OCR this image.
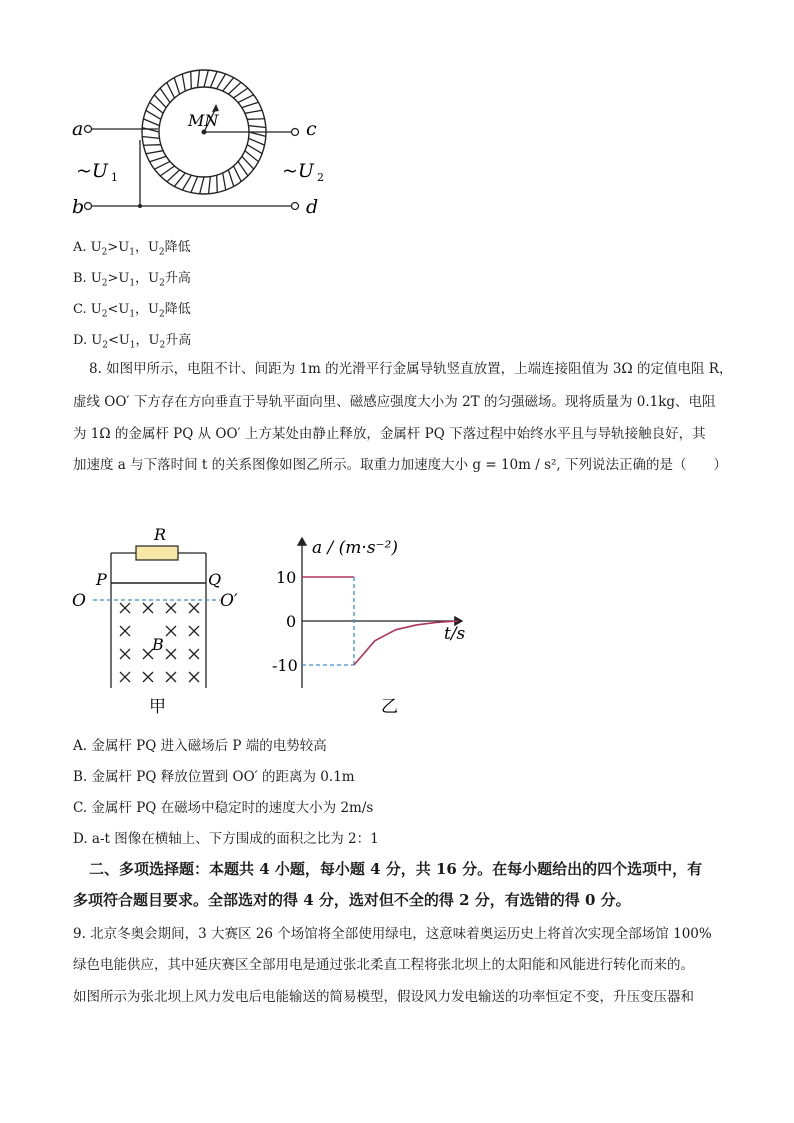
a
b
c
d
MN
~U 1	~U 2
A. $U_2>U_1$，$U_2$降低
B. $U_2>U_1$，$U_2$升高
C. $U_2<U_1$，$U_2$降低
D. $U_2<U_1$，$U_2$升高
8. 如图甲所示，电阻不计、间距为 1m 的光滑平行金属导轨竖直放置，上端连接阻值为 3Ω 的定值电阻 R，
虚线 OO′ 下方存在方向垂直于导轨平面向里、磁感应强度大小为 2T 的匀强磁场。现将质量为 0.1kg、电阻
为 1Ω 的金属杆 PQ 从 OO′ 上方某处由静止释放，金属杆 PQ 下落过程中始终水平且与导轨接触良好，其
加速度 a 与下落时间 t 的关系图像如图乙所示。取重力加速度大小 g = 10m / s², 下列说法正确的是（　　）
R
P	Q
O	O′
B
甲
a / (m·s⁻²)
t/s
10
0
-10
乙
A. 金属杆 PQ 进入磁场后 P 端的电势较高
B. 金属杆 PQ 释放位置到 OO′ 的距离为 0.1m
C. 金属杆 PQ 在磁场中稳定时的速度大小为 2m/s
D. a-t 图像在横轴上、下方围成的面积之比为 2：1
二、多项选择题：本题共 4 小题，每小题 4 分，共 16 分。在每小题给出的四个选项中，有
多项符合题目要求。全部选对的得 4 分，选对但不全的得 2 分，有选错的得 0 分。
9. 北京冬奥会期间，3 大赛区 26 个场馆将全部使用绿电，这意味着奥运历史上将首次实现全部场馆 100%
绿色电能供应，其中延庆赛区全部用电是通过张北柔直工程将张北坝上的太阳能和风能进行转化而来的。
如图所示为张北坝上风力发电后电能输送的简易模型，假设风力发电输送的功率恒定不变，升压变压器和
